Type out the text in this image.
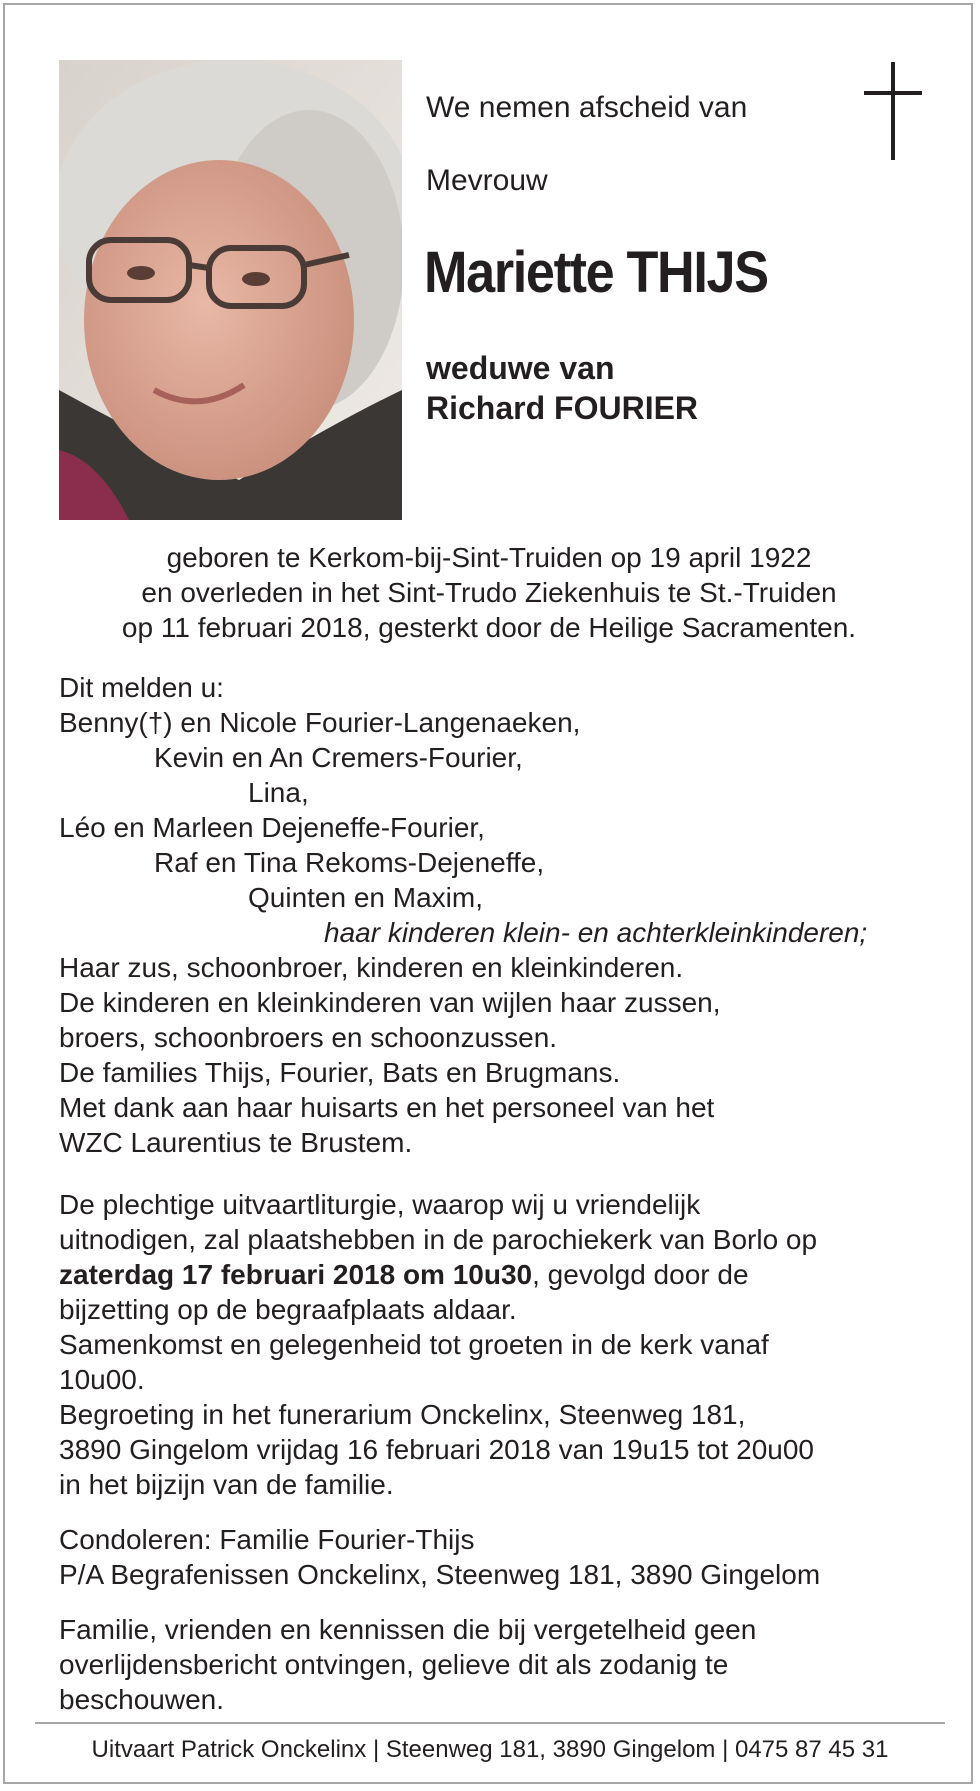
We nemen afscheid van
Mevrouw
Mariette THIJS
weduwe van
Richard FOURIER
geboren te Kerkom-bij-Sint-Truiden op 19 april 1922
en overleden in het Sint-Trudo Ziekenhuis te St.-Truiden
op 11 februari 2018, gesterkt door de Heilige Sacramenten.
Dit melden u:
Benny(†) en Nicole Fourier-Langenaeken,
Kevin en An Cremers-Fourier,
Lina,
Léo en Marleen Dejeneffe-Fourier,
Raf en Tina Rekoms-Dejeneffe,
Quinten en Maxim,
haar kinderen klein- en achterkleinkinderen;
Haar zus, schoonbroer, kinderen en kleinkinderen.
De kinderen en kleinkinderen van wijlen haar zussen,
broers, schoonbroers en schoonzussen.
De families Thijs, Fourier, Bats en Brugmans.
Met dank aan haar huisarts en het personeel van het
WZC Laurentius te Brustem.
De plechtige uitvaartliturgie, waarop wij u vriendelijk
uitnodigen, zal plaatshebben in de parochiekerk van Borlo op
zaterdag 17 februari 2018 om 10u30, gevolgd door de
bijzetting op de begraafplaats aldaar.
Samenkomst en gelegenheid tot groeten in de kerk vanaf
10u00.
Begroeting in het funerarium Onckelinx, Steenweg 181,
3890 Gingelom vrijdag 16 februari 2018 van 19u15 tot 20u00
in het bijzijn van de familie.
Condoleren: Familie Fourier-Thijs
P/A Begrafenissen Onckelinx, Steenweg 181, 3890 Gingelom
Familie, vrienden en kennissen die bij vergetelheid geen
overlijdensbericht ontvingen, gelieve dit als zodanig te
beschouwen.
Uitvaart Patrick Onckelinx | Steenweg 181, 3890 Gingelom | 0475 87 45 31
